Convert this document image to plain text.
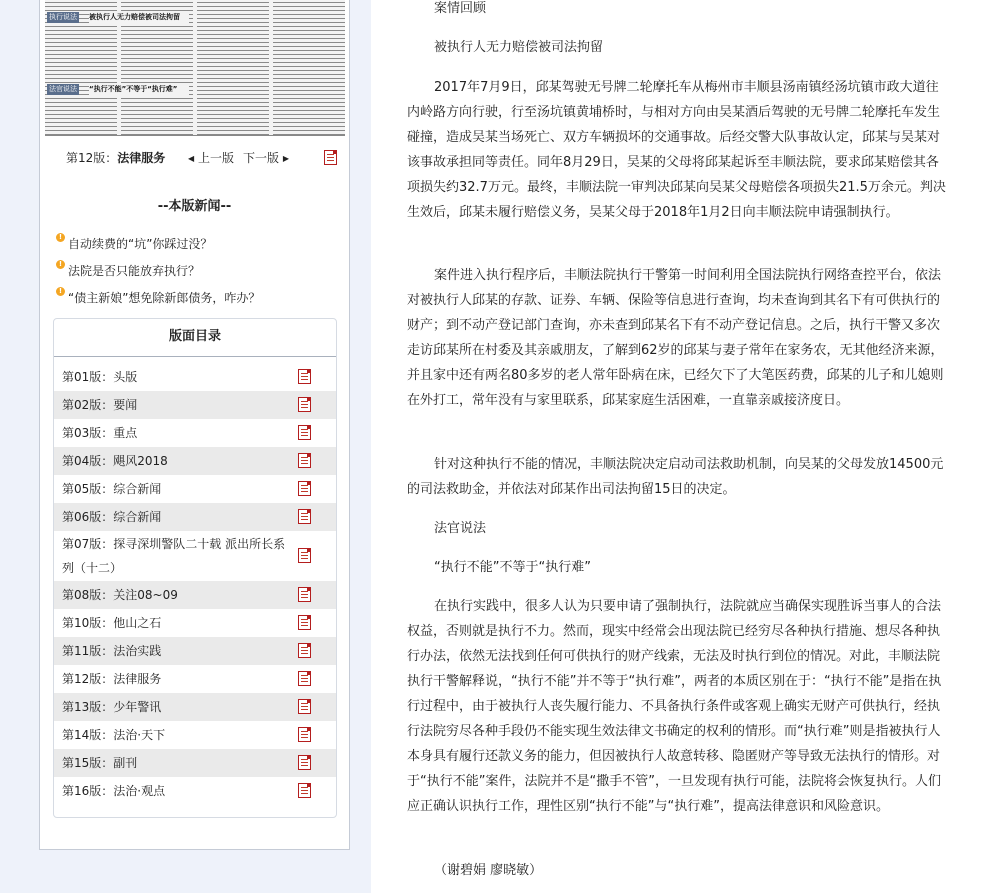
执行说法 被执行人无力赔偿被司法拘留
法官说法 “执行不能”不等于“执行难”
第12版：法律服务	◀ 上一版 下一版 ▶
--本版新闻--
! 自动续费的“坑”你踩过没？
! 法院是否只能放弃执行？
! “债主新娘”想免除新郎债务，咋办？
版面目录
第01版：头版
第02版：要闻
第03版：重点
第04版：飓风2018
第05版：综合新闻
第06版：综合新闻
第07版：探寻深圳警队二十载 派出所长系列（十二）
第08版：关注08~09
第10版：他山之石
第11版：法治实践
第12版：法律服务
第13版：少年警讯
第14版：法治·天下
第15版：副刊
第16版：法治·观点

案情回顾

被执行人无力赔偿被司法拘留

2017年7月9日，邱某驾驶无号牌二轮摩托车从梅州市丰顺县汤南镇经汤坑镇市政大道往内岭路方向行驶，行至汤坑镇黄埔桥时，与相对方向由吴某酒后驾驶的无号牌二轮摩托车发生碰撞，造成吴某当场死亡、双方车辆损坏的交通事故。后经交警大队事故认定，邱某与吴某对该事故承担同等责任。同年8月29日，吴某的父母将邱某起诉至丰顺法院，要求邱某赔偿其各项损失约32.7万元。最终，丰顺法院一审判决邱某向吴某父母赔偿各项损失21.5万余元。判决生效后，邱某未履行赔偿义务，吴某父母于2018年1月2日向丰顺法院申请强制执行。

案件进入执行程序后，丰顺法院执行干警第一时间利用全国法院执行网络查控平台，依法对被执行人邱某的存款、证券、车辆、保险等信息进行查询，均未查询到其名下有可供执行的财产；到不动产登记部门查询，亦未查到邱某名下有不动产登记信息。之后，执行干警又多次走访邱某所在村委及其亲戚朋友，了解到62岁的邱某与妻子常年在家务农，无其他经济来源，并且家中还有两名80多岁的老人常年卧病在床，已经欠下了大笔医药费，邱某的儿子和儿媳则在外打工，常年没有与家里联系，邱某家庭生活困难，一直靠亲戚接济度日。

针对这种执行不能的情况，丰顺法院决定启动司法救助机制，向吴某的父母发放14500元的司法救助金，并依法对邱某作出司法拘留15日的决定。

法官说法

“执行不能”不等于“执行难”

在执行实践中，很多人认为只要申请了强制执行，法院就应当确保实现胜诉当事人的合法权益，否则就是执行不力。然而，现实中经常会出现法院已经穷尽各种执行措施、想尽各种执行办法，依然无法找到任何可供执行的财产线索，无法及时执行到位的情况。对此，丰顺法院执行干警解释说，“执行不能”并不等于“执行难”，两者的本质区别在于：“执行不能”是指在执行过程中，由于被执行人丧失履行能力、不具备执行条件或客观上确实无财产可供执行，经执行法院穷尽各种手段仍不能实现生效法律文书确定的权利的情形。而“执行难”则是指被执行人本身具有履行还款义务的能力，但因被执行人故意转移、隐匿财产等导致无法执行的情形。对于“执行不能”案件，法院并不是“撒手不管”，一旦发现有执行可能，法院将会恢复执行。人们应正确认识执行工作，理性区别“执行不能”与“执行难”，提高法律意识和风险意识。

（谢碧娟 廖晓敏）
